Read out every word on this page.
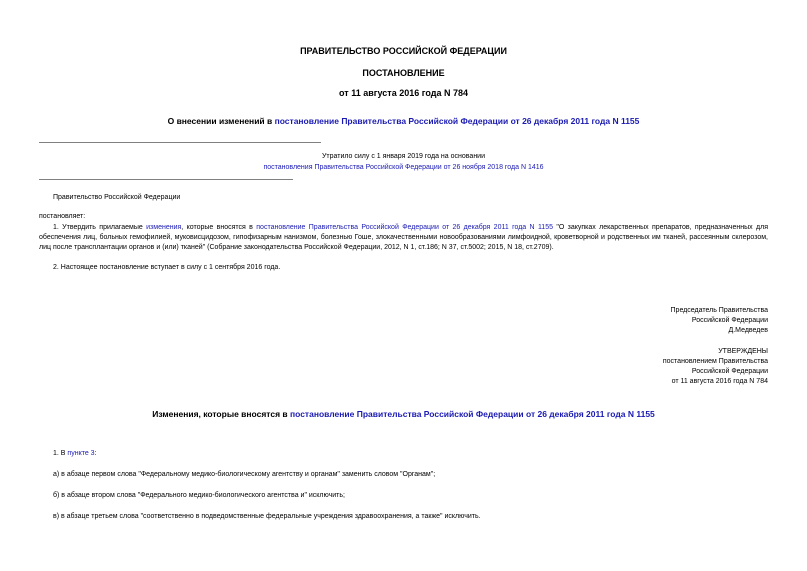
ПРАВИТЕЛЬСТВО РОССИЙСКОЙ ФЕДЕРАЦИИ
ПОСТАНОВЛЕНИЕ
от 11 августа 2016 года N 784
О внесении изменений в постановление Правительства Российской Федерации от 26 декабря 2011 года N 1155
Утратило силу с 1 января 2019 года на основании
постановления Правительства Российской Федерации от 26 ноября 2018 года N 1416
Правительство Российской Федерации
постановляет:
1. Утвердить прилагаемые изменения, которые вносятся в постановление Правительства Российской Федерации от 26 декабря 2011 года N 1155 "О закупках лекарственных препаратов, предназначенных для обеспечения лиц, больных гемофилией, муковисцидозом, гипофизарным нанизмом, болезнью Гоше, злокачественными новообразованиями лимфоидной, кроветворной и родственных им тканей, рассеянным склерозом, лиц после трансплантации органов и (или) тканей" (Собрание законодательства Российской Федерации, 2012, N 1, ст.186; N 37, ст.5002; 2015, N 18, ст.2709).
2. Настоящее постановление вступает в силу с 1 сентября 2016 года.
Председатель Правительства
Российской Федерации
Д.Медведев
УТВЕРЖДЕНЫ
постановлением Правительства
Российской Федерации
от 11 августа 2016 года N 784
Изменения, которые вносятся в постановление Правительства Российской Федерации от 26 декабря 2011 года N 1155
1. В пункте 3:
а) в абзаце первом слова "Федеральному медико-биологическому агентству и органам" заменить словом "Органам";
б) в абзаце втором слова "Федерального медико-биологического агентства и" исключить;
в) в абзаце третьем слова "соответственно в подведомственные федеральные учреждения здравоохранения, а также" исключить.
